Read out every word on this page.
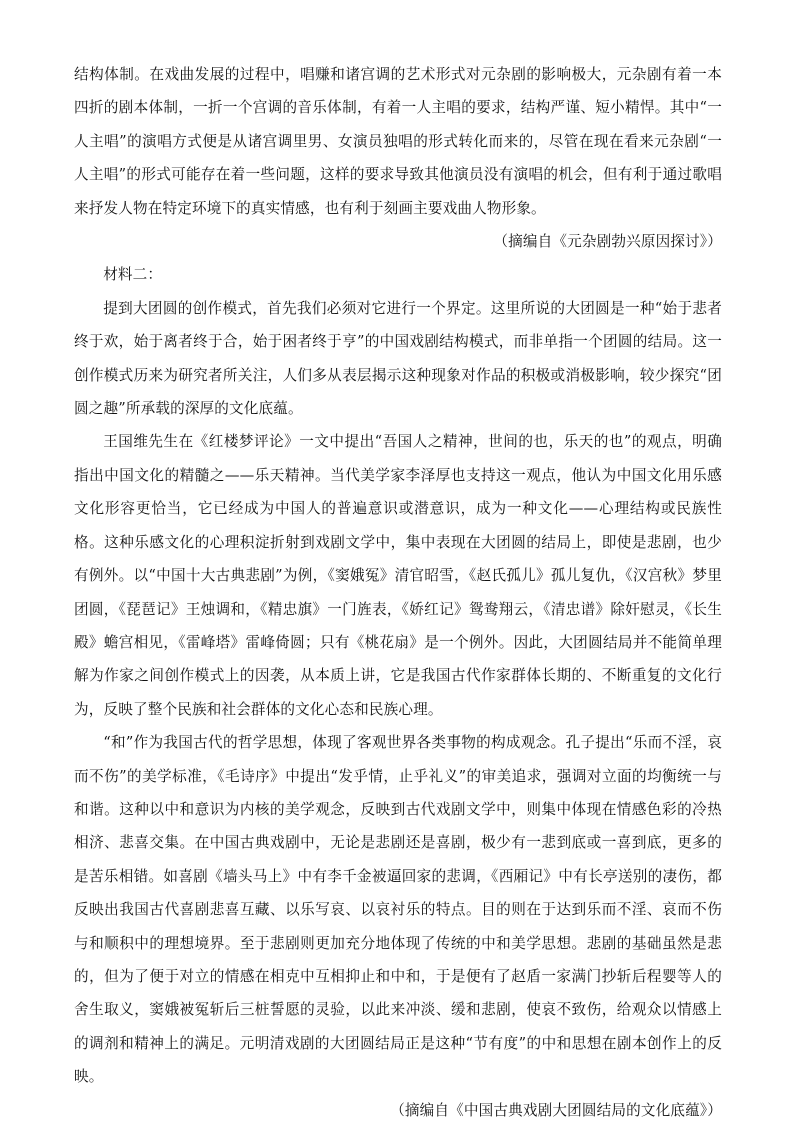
结构体制。在戏曲发展的过程中，唱赚和诸宫调的艺术形式对元杂剧的影响极大，元杂剧有着一本四折的剧本体制，一折一个宫调的音乐体制，有着一人主唱的要求，结构严谨、短小精悍。其中“一人主唱”的演唱方式便是从诸宫调里男、女演员独唱的形式转化而来的，尽管在现在看来元杂剧“一人主唱”的形式可能存在着一些问题，这样的要求导致其他演员没有演唱的机会，但有利于通过歌唱来抒发人物在特定环境下的真实情感，也有利于刻画主要戏曲人物形象。

（摘编自《元杂剧勃兴原因探讨》）

材料二：

提到大团圆的创作模式，首先我们必须对它进行一个界定。这里所说的大团圆是一种“始于悲者终于欢，始于离者终于合，始于困者终于亨”的中国戏剧结构模式，而非单指一个团圆的结局。这一创作模式历来为研究者所关注，人们多从表层揭示这种现象对作品的积极或消极影响，较少探究“团圆之趣”所承载的深厚的文化底蕴。

王国维先生在《红楼梦评论》一文中提出“吾国人之精神，世间的也，乐天的也”的观点，明确指出中国文化的精髓之——乐天精神。当代美学家李泽厚也支持这一观点，他认为中国文化用乐感文化形容更恰当，它已经成为中国人的普遍意识或潜意识，成为一种文化——心理结构或民族性格。这种乐感文化的心理积淀折射到戏剧文学中，集中表现在大团圆的结局上，即使是悲剧，也少有例外。以“中国十大古典悲剧”为例，《窦娥冤》清官昭雪，《赵氏孤儿》孤儿复仇，《汉宫秋》梦里团圆，《琵琶记》王烛调和，《精忠旗》一门旌表，《娇红记》鸳鸯翔云，《清忠谱》除奸慰灵，《长生殿》蟾宫相见，《雷峰塔》雷峰倚圆；只有《桃花扇》是一个例外。因此，大团圆结局并不能简单理解为作家之间创作模式上的因袭，从本质上讲，它是我国古代作家群体长期的、不断重复的文化行为，反映了整个民族和社会群体的文化心态和民族心理。

“和”作为我国古代的哲学思想，体现了客观世界各类事物的构成观念。孔子提出“乐而不淫，哀而不伤”的美学标准，《毛诗序》中提出“发乎情，止乎礼义”的审美追求，强调对立面的均衡统一与和谐。这种以中和意识为内核的美学观念，反映到古代戏剧文学中，则集中体现在情感色彩的冷热相济、悲喜交集。在中国古典戏剧中，无论是悲剧还是喜剧，极少有一悲到底或一喜到底，更多的是苦乐相错。如喜剧《墙头马上》中有李千金被逼回家的悲调，《西厢记》中有长亭送别的凄伤，都反映出我国古代喜剧悲喜互藏、以乐写哀、以哀衬乐的特点。目的则在于达到乐而不淫、哀而不伤与和顺积中的理想境界。至于悲剧则更加充分地体现了传统的中和美学思想。悲剧的基础虽然是悲的，但为了便于对立的情感在相克中互相抑止和中和，于是便有了赵盾一家满门抄斩后程婴等人的舍生取义，窦娥被冤斩后三桩誓愿的灵验，以此来冲淡、缓和悲剧，使哀不致伤，给观众以情感上的调剂和精神上的满足。元明清戏剧的大团圆结局正是这种“节有度”的中和思想在剧本创作上的反映。

（摘编自《中国古典戏剧大团圆结局的文化底蕴》）
